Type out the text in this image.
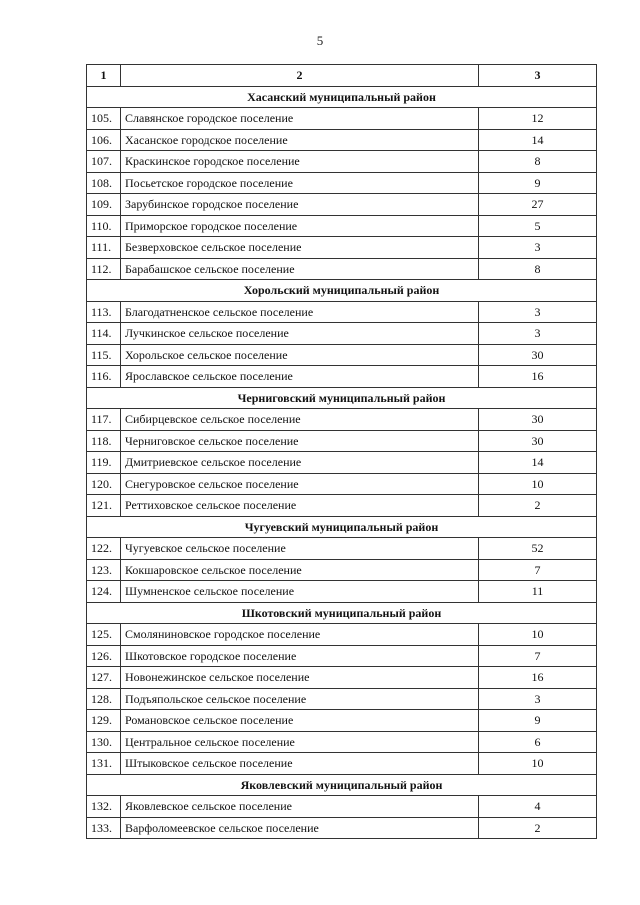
5
1	2	3
Хасанский муниципальный район		
105.	Славянское городское поселение	12
106.	Хасанское городское поселение	14
107.	Краскинское городское поселение	8
108.	Посьетское городское поселение	9
109.	Зарубинское городское поселение	27
110.	Приморское городское поселение	5
111.	Безверховское сельское поселение	3
112.	Барабашское сельское поселение	8
Хорольский муниципальный район		
113.	Благодатненское сельское поселение	3
114.	Лучкинское сельское поселение	3
115.	Хорольское сельское поселение	30
116.	Ярославское сельское поселение	16
Черниговский муниципальный район		
117.	Сибирцевское сельское поселение	30
118.	Черниговское сельское поселение	30
119.	Дмитриевское сельское поселение	14
120.	Снегуровское сельское поселение	10
121.	Реттиховское сельское поселение	2
Чугуевский муниципальный район		
122.	Чугуевское сельское поселение	52
123.	Кокшаровское сельское поселение	7
124.	Шумненское сельское поселение	11
Шкотовский муниципальный район		
125.	Смоляниновское городское поселение	10
126.	Шкотовское городское поселение	7
127.	Новонежинское сельское поселение	16
128.	Подъяпольское сельское поселение	3
129.	Романовское сельское поселение	9
130.	Центральное сельское поселение	6
131.	Штыковское сельское поселение	10
Яковлевский муниципальный район		
132.	Яковлевское сельское поселение	4
133.	Варфоломеевское сельское поселение	2
